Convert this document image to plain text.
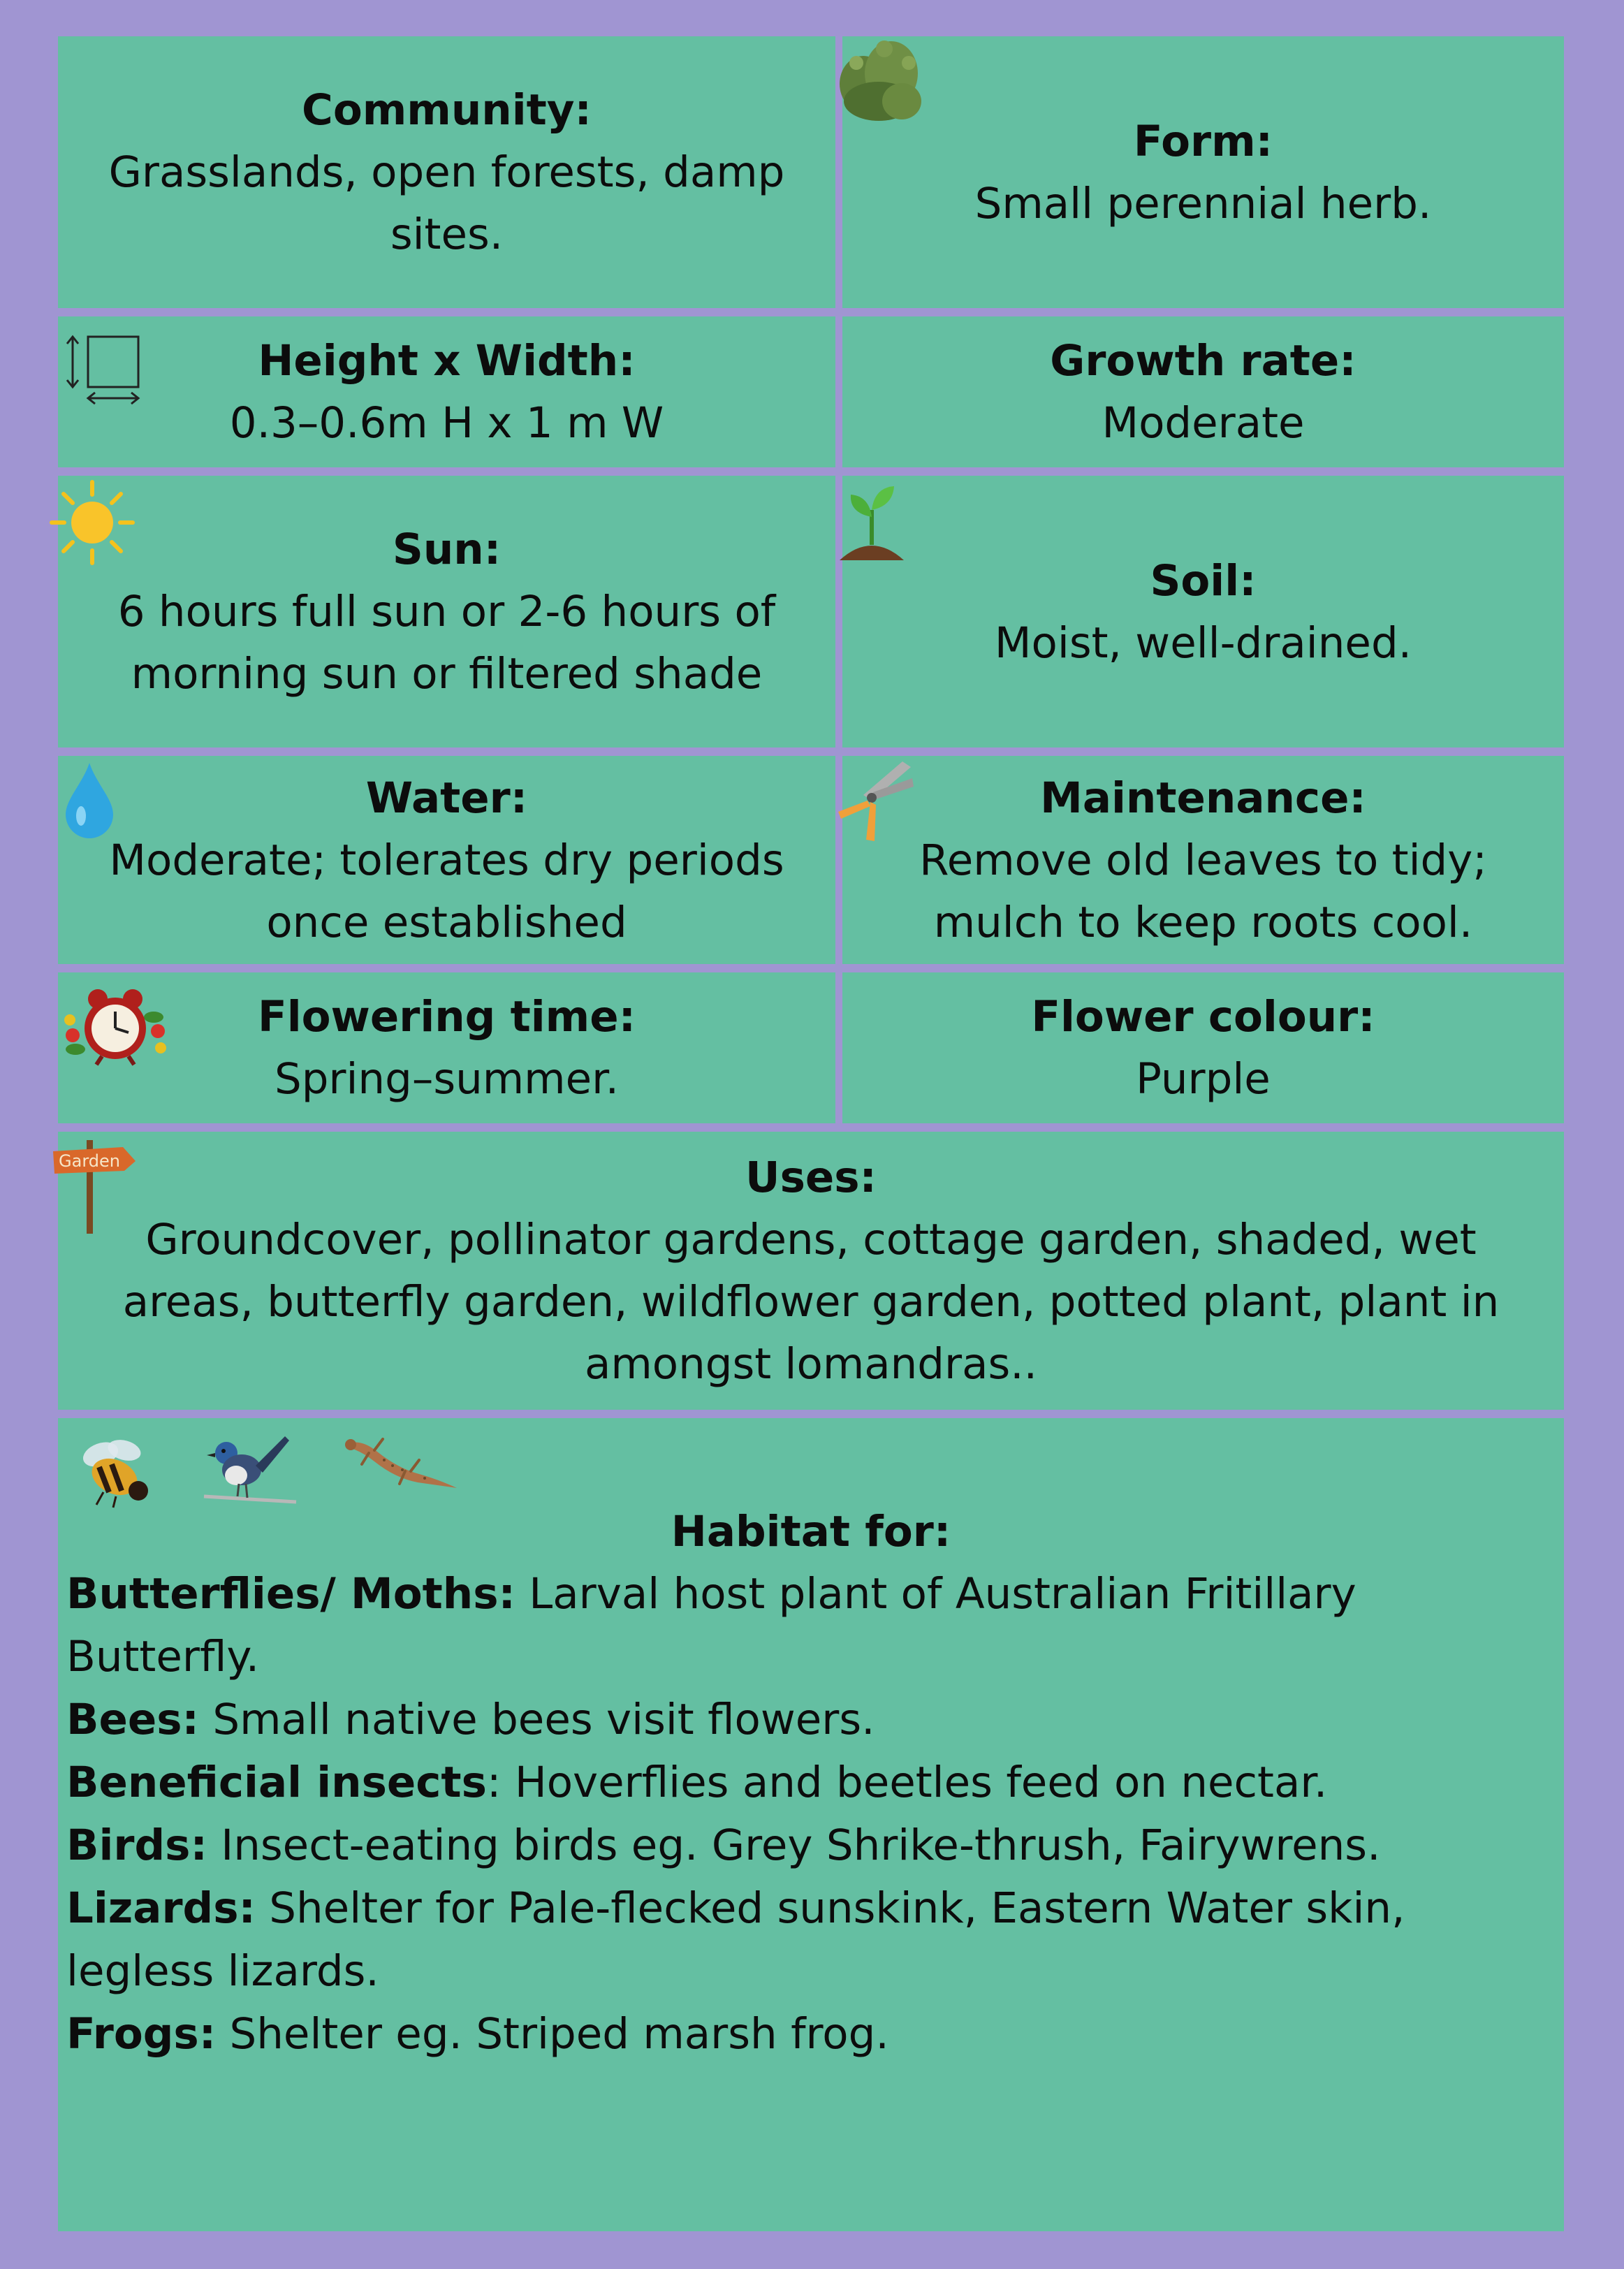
Community:
Grasslands, open forests, damp sites.
Form:
Small perennial herb.
Height x Width:
0.3–0.6m H x 1 m W
Growth rate:
Moderate
Sun:
6 hours full sun or 2-6 hours of morning sun or filtered shade
Soil:
Moist, well-drained.
Water:
Moderate; tolerates dry periods once established
Maintenance:
Remove old leaves to tidy; mulch to keep roots cool.
Flowering time:
Spring–summer.
Flower colour:
Purple
Uses:
Groundcover, pollinator gardens, cottage garden, shaded, wet areas, butterfly garden, wildflower garden, potted plant, plant in amongst lomandras..
Habitat for:
Butterflies/ Moths: Larval host plant of Australian Fritillary Butterfly.
Bees: Small native bees visit flowers.
Beneficial insects: Hoverflies and beetles feed on nectar.
Birds: Insect-eating birds eg. Grey Shrike-thrush, Fairywrens.
Lizards: Shelter for Pale-flecked sunskink, Eastern Water skin, legless lizards.
Frogs: Shelter eg. Striped marsh frog.
Garden
